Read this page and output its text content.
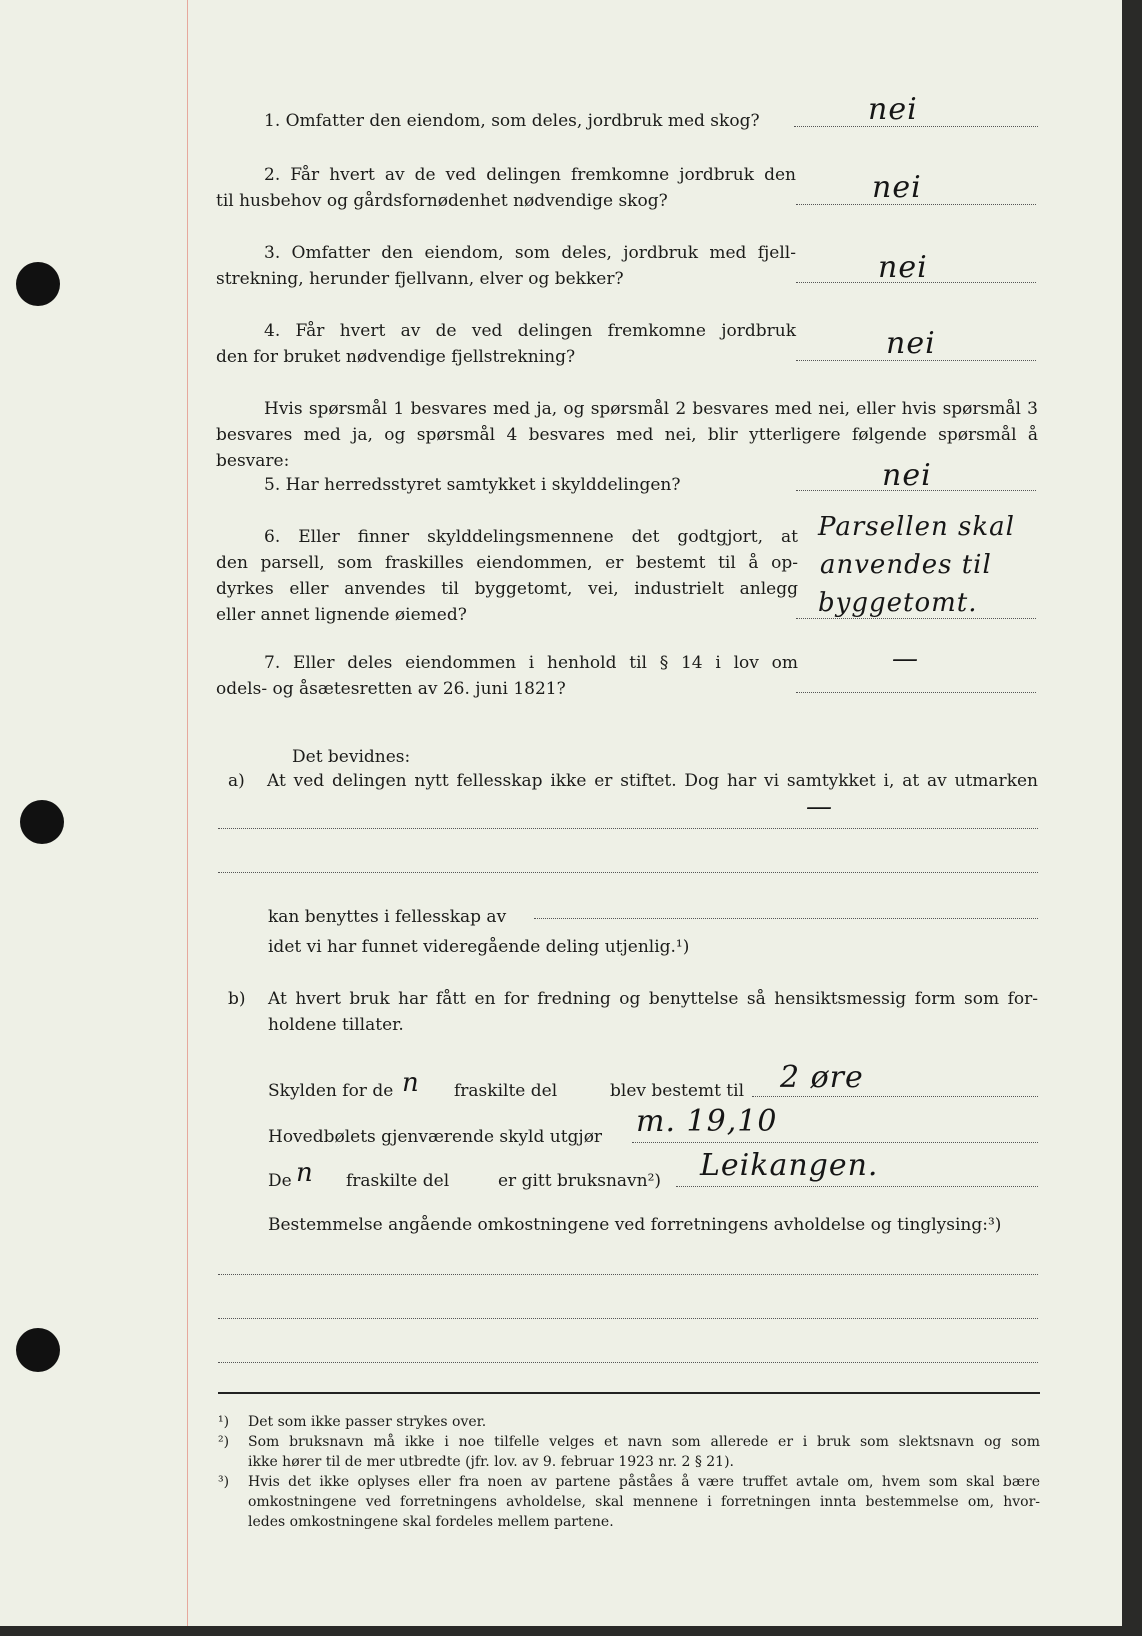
1. Omfatter den eiendom, som deles, jordbruk med skog?	nei
2. Får hvert av de ved delingen fremkomne jordbruk den
til husbehov og gårdsfornødenhet nødvendige skog?	nei
3. Omfatter den eiendom, som deles, jordbruk med fjell-
strekning, herunder fjellvann, elver og bekker?	nei
4. Får hvert av de ved delingen fremkomne jordbruk
den for bruket nødvendige fjellstrekning?	nei
Hvis spørsmål 1 besvares med ja, og spørsmål 2 besvares med nei, eller hvis spørsmål 3
besvares med ja, og spørsmål 4 besvares med nei, blir ytterligere følgende spørsmål å besvare:
5. Har herredsstyret samtykket i skylddelingen?	nei
6. Eller finner skylddelingsmennene det godtgjort, at
den parsell, som fraskilles eiendommen, er bestemt til å op-
dyrkes eller anvendes til byggetomt, vei, industrielt anlegg
eller annet lignende øiemed?
Parsellen skal
anvendes til
byggetomt.
7. Eller deles eiendommen i henhold til § 14 i lov om
odels- og åsætesretten av 26. juni 1821?
—
Det bevidnes:
a) At ved delingen nytt fellesskap ikke er stiftet. Dog har vi samtykket i, at av utmarken
—
kan benyttes i fellesskap av
idet vi har funnet videregående deling utjenlig.¹)
b) At hvert bruk har fått en for fredning og benyttelse så hensiktsmessig form som for-
holdene tillater.
Skylden for de n fraskilte del	blev bestemt til 2 øre
Hovedbølets gjenværende skyld utgjør m. 19,10
De n fraskilte del	er gitt bruksnavn²) Leikangen.
Bestemmelse angående omkostningene ved forretningens avholdelse og tinglysing:³)
¹) Det som ikke passer strykes over.
²) Som bruksnavn må ikke i noe tilfelle velges et navn som allerede er i bruk som slektsnavn og som
ikke hører til de mer utbredte (jfr. lov. av 9. februar 1923 nr. 2 § 21).
³) Hvis det ikke oplyses eller fra noen av partene påståes å være truffet avtale om, hvem som skal bære
omkostningene ved forretningens avholdelse, skal mennene i forretningen innta bestemmelse om, hvor-
ledes omkostningene skal fordeles mellem partene.
